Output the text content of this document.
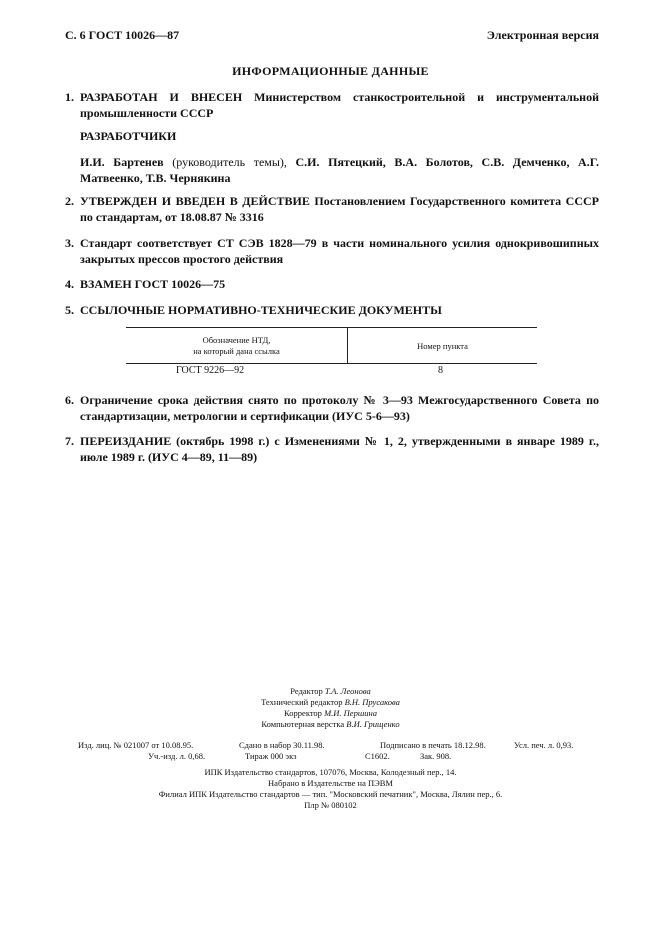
С. 6 ГОСТ 10026—87	Электронная версия
ИНФОРМАЦИОННЫЕ ДАННЫЕ
1. РАЗРАБОТАН И ВНЕСЕН Министерством станкостроительной и инструментальной промышленности СССР
РАЗРАБОТЧИКИ
И.И. Бартенев (руководитель темы), С.И. Пятецкий, В.А. Болотов, С.В. Демченко, А.Г. Матвеенко, Т.В. Чернякина
2. УТВЕРЖДЕН И ВВЕДЕН В ДЕЙСТВИЕ Постановлением Государственного комитета СССР по стандартам, от 18.08.87 № 3316
3. Стандарт соответствует СТ СЭВ 1828—79 в части номинального усилия однокривошипных закрытых прессов простого действия
4. ВЗАМЕН ГОСТ 10026—75
5. ССЫЛОЧНЫЕ НОРМАТИВНО-ТЕХНИЧЕСКИЕ ДОКУМЕНТЫ
Обозначение НТД,
на который дана ссылка	Номер пункта
ГОСТ 9226—92	8
6. Ограничение срока действия снято по протоколу № 3—93 Межгосударственного Совета по стандартизации, метрологии и сертификации (ИУС 5-6—93)
7. ПЕРЕИЗДАНИЕ (октябрь 1998 г.) с Изменениями № 1, 2, утвержденными в январе 1989 г., июле 1989 г. (ИУС 4—89, 11—89)
Редактор Т.А. Леонова
Технический редактор В.Н. Прусакова
Корректор М.И. Першина
Компьютерная верстка В.И. Грищенко
Изд. лиц. № 021007 от 10.08.95.	Сдано в набор 30.11.98.	Подписано в печать 18.12.98.	Усл. печ. л. 0,93.
Уч.-изд. л. 0,68.	Тираж 000 экз	С1602.	Зак. 908.
ИПК Издательство стандартов, 107076, Москва, Колодезный пер., 14.
Набрано в Издательстве на ПЭВМ
Филиал ИПК Издательство стандартов — тип. "Московский печатник", Москва, Лялин пер., 6.
Плр № 080102
